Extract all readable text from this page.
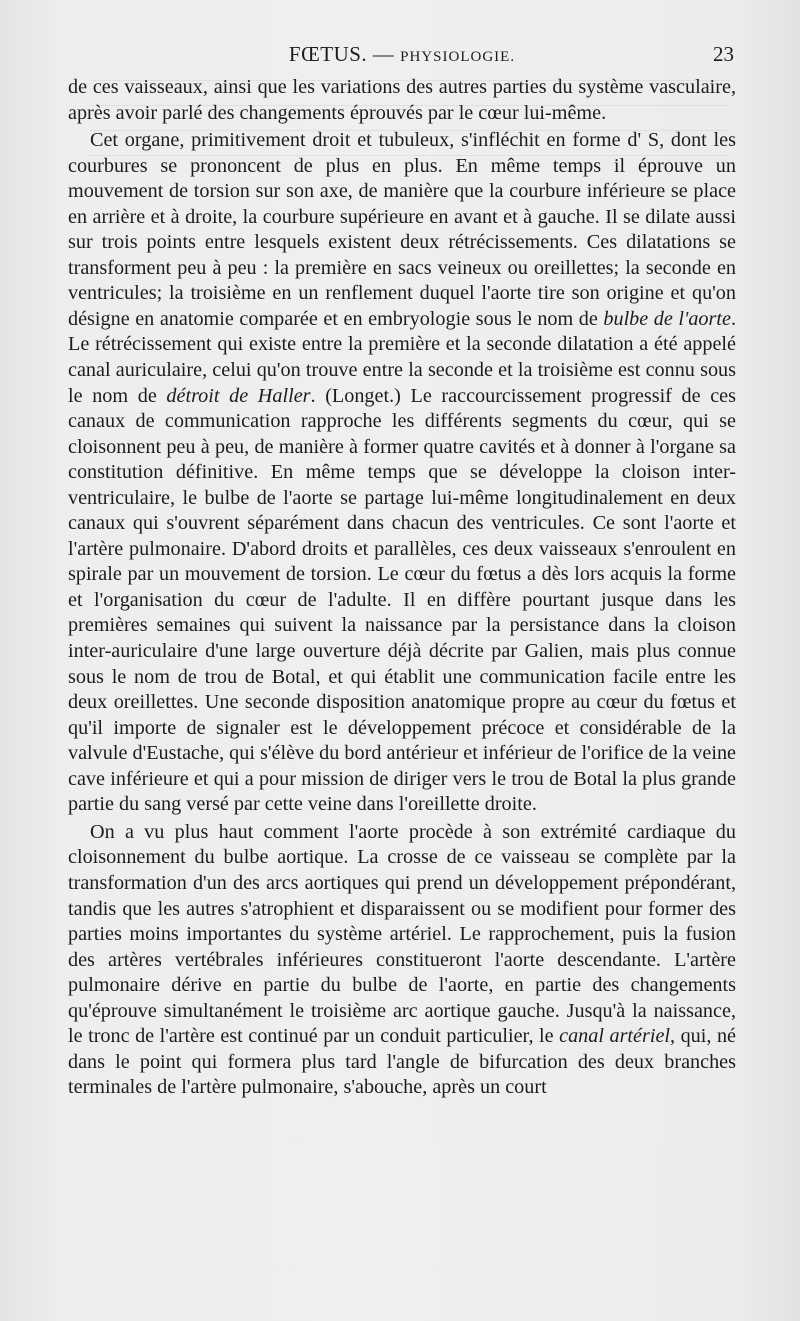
FŒTUS. — PHYSIOLOGIE.	23

de ces vaisseaux, ainsi que les variations des autres parties du système vasculaire, après avoir parlé des changements éprouvés par le cœur lui-même.

Cet organe, primitivement droit et tubuleux, s'infléchit en forme d' S, dont les courbures se prononcent de plus en plus. En même temps il éprouve un mouvement de torsion sur son axe, de manière que la courbure inférieure se place en arrière et à droite, la courbure supérieure en avant et à gauche. Il se dilate aussi sur trois points entre lesquels existent deux rétrécissements. Ces dilatations se transforment peu à peu : la première en sacs veineux ou oreillettes; la seconde en ventricules; la troisième en un renflement duquel l'aorte tire son origine et qu'on désigne en anatomie comparée et en embryologie sous le nom de bulbe de l'aorte. Le rétrécissement qui existe entre la première et la seconde dilatation a été appelé canal auriculaire, celui qu'on trouve entre la seconde et la troisième est connu sous le nom de détroit de Haller. (Longet.) Le raccourcissement progressif de ces canaux de communication rapproche les différents segments du cœur, qui se cloisonnent peu à peu, de manière à former quatre cavités et à donner à l'organe sa constitution définitive. En même temps que se développe la cloison inter-ventriculaire, le bulbe de l'aorte se partage lui-même longitudinalement en deux canaux qui s'ouvrent séparément dans chacun des ventricules. Ce sont l'aorte et l'artère pulmonaire. D'abord droits et parallèles, ces deux vaisseaux s'enroulent en spirale par un mouvement de torsion. Le cœur du fœtus a dès lors acquis la forme et l'organisation du cœur de l'adulte. Il en diffère pourtant jusque dans les premières semaines qui suivent la naissance par la persistance dans la cloison inter-auriculaire d'une large ouverture déjà décrite par Galien, mais plus connue sous le nom de trou de Botal, et qui établit une communication facile entre les deux oreillettes. Une seconde disposition anatomique propre au cœur du fœtus et qu'il importe de signaler est le développement précoce et considérable de la valvule d'Eustache, qui s'élève du bord antérieur et inférieur de l'orifice de la veine cave inférieure et qui a pour mission de diriger vers le trou de Botal la plus grande partie du sang versé par cette veine dans l'oreillette droite.

On a vu plus haut comment l'aorte procède à son extrémité cardiaque du cloisonnement du bulbe aortique. La crosse de ce vaisseau se complète par la transformation d'un des arcs aortiques qui prend un développement prépondérant, tandis que les autres s'atrophient et disparaissent ou se modifient pour former des parties moins importantes du système artériel. Le rapprochement, puis la fusion des artères vertébrales inférieures constitueront l'aorte descendante. L'artère pulmonaire dérive en partie du bulbe de l'aorte, en partie des changements qu'éprouve simultanément le troisième arc aortique gauche. Jusqu'à la naissance, le tronc de l'artère est continué par un conduit particulier, le canal artériel, qui, né dans le point qui formera plus tard l'angle de bifurcation des deux branches terminales de l'artère pulmonaire, s'abouche, après un court
